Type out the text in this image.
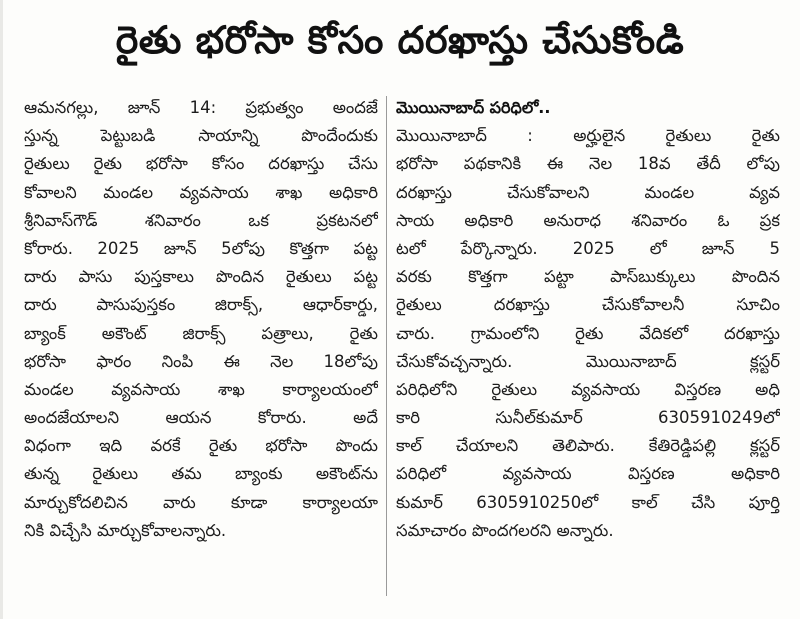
రైతు భరోసా కోసం దరఖాస్తు చేసుకోండి
ఆమనగల్లు, జూన్ 14: ప్రభుత్వం అందజే
స్తున్న పెట్టుబడి సాయాన్ని పొందేందుకు
రైతులు రైతు భరోసా కోసం దరఖాస్తు చేసు
కోవాలని మండల వ్యవసాయ శాఖ అధికారి
శ్రీనివాస్‌గౌడ్ శనివారం ఒక ప్రకటనలో
కోరారు. 2025 జూన్ 5లోపు కొత్తగా పట్ట
దారు పాసు పుస్తకాలు పొందిన రైతులు పట్ట
దారు పాసుపుస్తకం జిరాక్స్, ఆధార్‌కార్డు,
బ్యాంక్ అకౌంట్ జిరాక్స్ పత్రాలు, రైతు
భరోసా ఫారం నింపి ఈ నెల 18లోపు
మండల వ్యవసాయ శాఖ కార్యాలయంలో
అందజేయాలని ఆయన కోరారు. అదే
విధంగా ఇది వరకే రైతు భరోసా పొందు
తున్న రైతులు తమ బ్యాంకు అకౌంట్‌ను
మార్చుకోదలిచిన వారు కూడా కార్యాలయా
నికి విచ్చేసి మార్చుకోవాలన్నారు.
మొయినాబాద్ పరిధిలో..
మొయినాబాద్ : అర్హులైన రైతులు రైతు
భరోసా పథకానికి ఈ నెల 18వ తేదీ లోపు
దరఖాస్తు చేసుకోవాలని మండల వ్యవ
సాయ అధికారి అనురాధ శనివారం ఓ ప్రక
టలో పేర్కొన్నారు. 2025 లో జూన్ 5
వరకు కొత్తగా పట్టా పాస్‌బుక్కులు పొందిన
రైతులు దరఖాస్తు చేసుకోవాలనీ సూచిం
చారు. గ్రామంలోని రైతు వేదికలో దరఖాస్తు
చేసుకోవచ్చన్నారు. మొయినాబాద్ క్లస్టర్
పరిధిలోని రైతులు వ్యవసాయ విస్తరణ అధి
కారి సునీల్‌కుమార్ 6305910249లో
కాల్ చేయాలని తెలిపారు. కేతిరెడ్డిపల్లి క్లస్టర్
పరిధిలో వ్యవసాయ విస్తరణ అధికారి
కుమార్ 6305910250లో కాల్ చేసి పూర్తి
సమాచారం పొందగలరని అన్నారు.
